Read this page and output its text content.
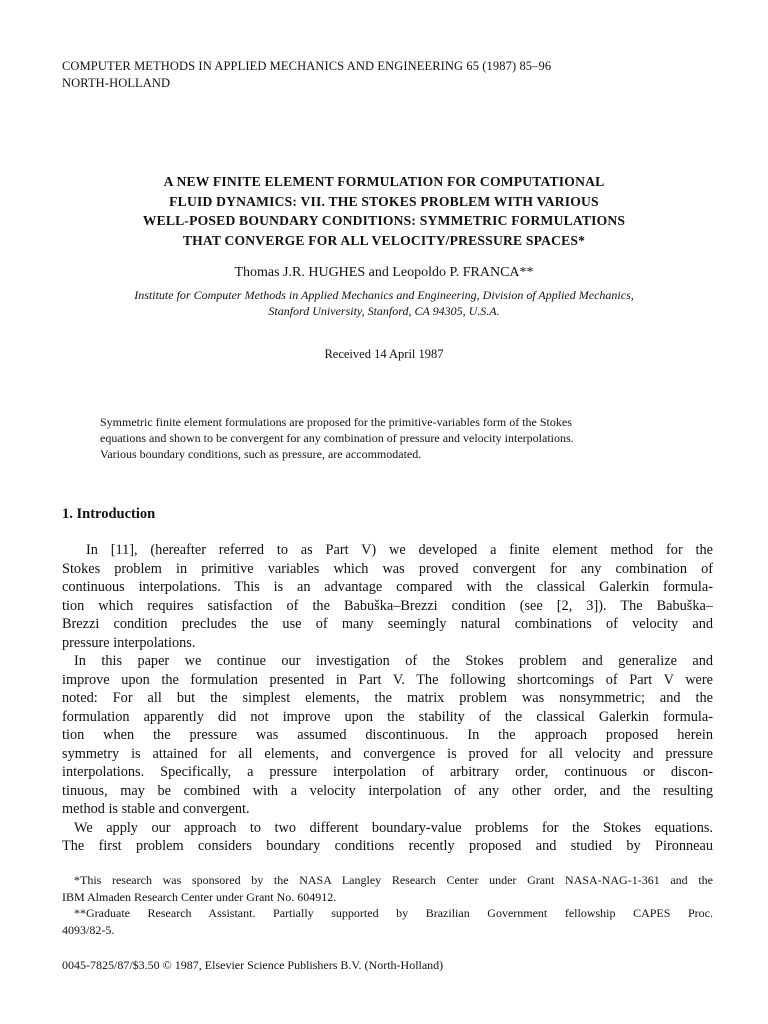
COMPUTER METHODS IN APPLIED MECHANICS AND ENGINEERING 65 (1987) 85–96
NORTH-HOLLAND
A NEW FINITE ELEMENT FORMULATION FOR COMPUTATIONAL
FLUID DYNAMICS: VII. THE STOKES PROBLEM WITH VARIOUS
WELL-POSED BOUNDARY CONDITIONS: SYMMETRIC FORMULATIONS
THAT CONVERGE FOR ALL VELOCITY/PRESSURE SPACES*
Thomas J.R. HUGHES and Leopoldo P. FRANCA**
Institute for Computer Methods in Applied Mechanics and Engineering, Division of Applied Mechanics,
Stanford University, Stanford, CA 94305, U.S.A.
Received 14 April 1987
Symmetric finite element formulations are proposed for the primitive-variables form of the Stokes
equations and shown to be convergent for any combination of pressure and velocity interpolations.
Various boundary conditions, such as pressure, are accommodated.
1. Introduction
In [11], (hereafter referred to as Part V) we developed a finite element method for the
Stokes problem in primitive variables which was proved convergent for any combination of
continuous interpolations. This is an advantage compared with the classical Galerkin formula-
tion which requires satisfaction of the Babuška–Brezzi condition (see [2, 3]). The Babuška–
Brezzi condition precludes the use of many seemingly natural combinations of velocity and
pressure interpolations.
In this paper we continue our investigation of the Stokes problem and generalize and
improve upon the formulation presented in Part V. The following shortcomings of Part V were
noted: For all but the simplest elements, the matrix problem was nonsymmetric; and the
formulation apparently did not improve upon the stability of the classical Galerkin formula-
tion when the pressure was assumed discontinuous. In the approach proposed herein
symmetry is attained for all elements, and convergence is proved for all velocity and pressure
interpolations. Specifically, a pressure interpolation of arbitrary order, continuous or discon-
tinuous, may be combined with a velocity interpolation of any other order, and the resulting
method is stable and convergent.
We apply our approach to two different boundary-value problems for the Stokes equations.
The first problem considers boundary conditions recently proposed and studied by Pironneau
*This research was sponsored by the NASA Langley Research Center under Grant NASA-NAG-1-361 and the
IBM Almaden Research Center under Grant No. 604912.
**Graduate Research Assistant. Partially supported by Brazilian Government fellowship CAPES Proc.
4093/82-5.
0045-7825/87/$3.50 © 1987, Elsevier Science Publishers B.V. (North-Holland)
